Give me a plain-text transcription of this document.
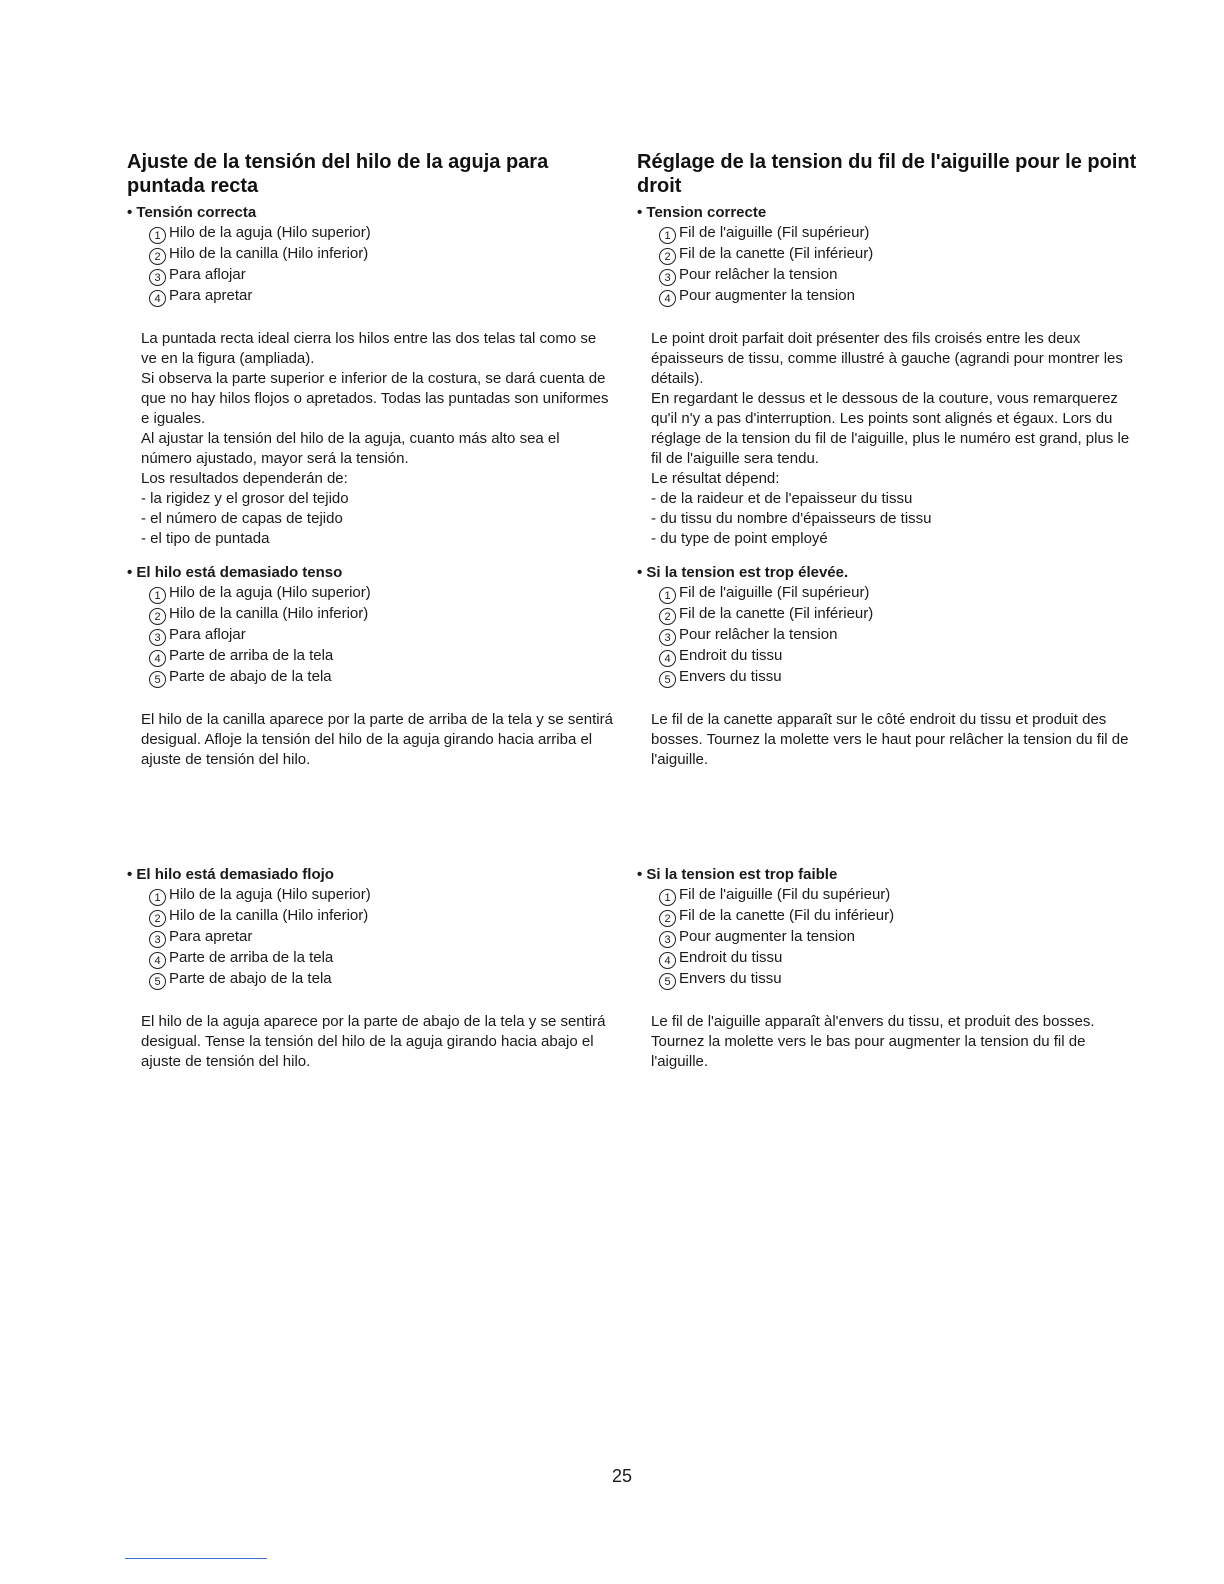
Ajuste de la tensión del hilo de la aguja para puntada recta

• Tensión correcta

1 Hilo de la aguja (Hilo superior)
2 Hilo de la canilla (Hilo inferior)
3 Para aflojar
4 Para apretar

La puntada recta ideal cierra los hilos entre las dos telas tal como se ve en la figura (ampliada).
Si observa la parte superior e inferior de la costura, se dará cuenta de que no hay hilos flojos o apretados. Todas las puntadas son uniformes e iguales.
Al ajustar la tensión del hilo de la aguja, cuanto más alto sea el número ajustado, mayor será la tensión.
Los resultados dependerán de:
- la rigidez y el grosor del tejido
- el número de capas de tejido
- el tipo de puntada

• El hilo está demasiado tenso

1 Hilo de la aguja (Hilo superior)
2 Hilo de la canilla (Hilo inferior)
3 Para aflojar
4 Parte de arriba de la tela
5 Parte de abajo de la tela

El hilo de la canilla aparece por la parte de arriba de la tela y se sentirá desigual. Afloje la tensión del hilo de la aguja girando hacia arriba el ajuste de tensión del hilo.

• El hilo está demasiado flojo

1 Hilo de la aguja (Hilo superior)
2 Hilo de la canilla (Hilo inferior)
3 Para apretar
4 Parte de arriba de la tela
5 Parte de abajo de la tela

El hilo de la aguja aparece por la parte de abajo de la tela y se sentirá desigual. Tense la tensión del hilo de la aguja girando hacia abajo el ajuste de tensión del hilo.

Réglage de la tension du fil de l'aiguille pour le point droit

• Tension correcte

1 Fil de l'aiguille (Fil supérieur)
2 Fil de la canette (Fil inférieur)
3 Pour relâcher la tension
4 Pour augmenter la tension

Le point droit parfait doit présenter des fils croisés entre les deux épaisseurs de tissu, comme illustré à gauche (agrandi pour montrer les détails).
En regardant le dessus et le dessous de la couture, vous remarquerez qu'il n'y a pas d'interruption. Les points sont alignés et égaux. Lors du réglage de la tension du fil de l'aiguille, plus le numéro est grand, plus le fil de l'aiguille sera tendu.
Le résultat dépend:
- de la raideur et de l'epaisseur du tissu
- du tissu du nombre d'épaisseurs de tissu
- du type de point employé

• Si la tension est trop élevée.

1 Fil de l'aiguille (Fil supérieur)
2 Fil de la canette (Fil inférieur)
3 Pour relâcher la tension
4 Endroit du tissu
5 Envers du tissu

Le fil de la canette apparaît sur le côté endroit du tissu et produit des bosses. Tournez la molette vers le haut pour relâcher la tension du fil de l'aiguille.

• Si la tension est trop faible

1 Fil de l'aiguille (Fil du supérieur)
2 Fil de la canette (Fil du inférieur)
3 Pour augmenter la tension
4 Endroit du tissu
5 Envers du tissu

Le fil de l'aiguille apparaît àl'envers du tissu, et produit des bosses. Tournez la molette vers le bas pour augmenter la tension du fil de l'aiguille.

25
